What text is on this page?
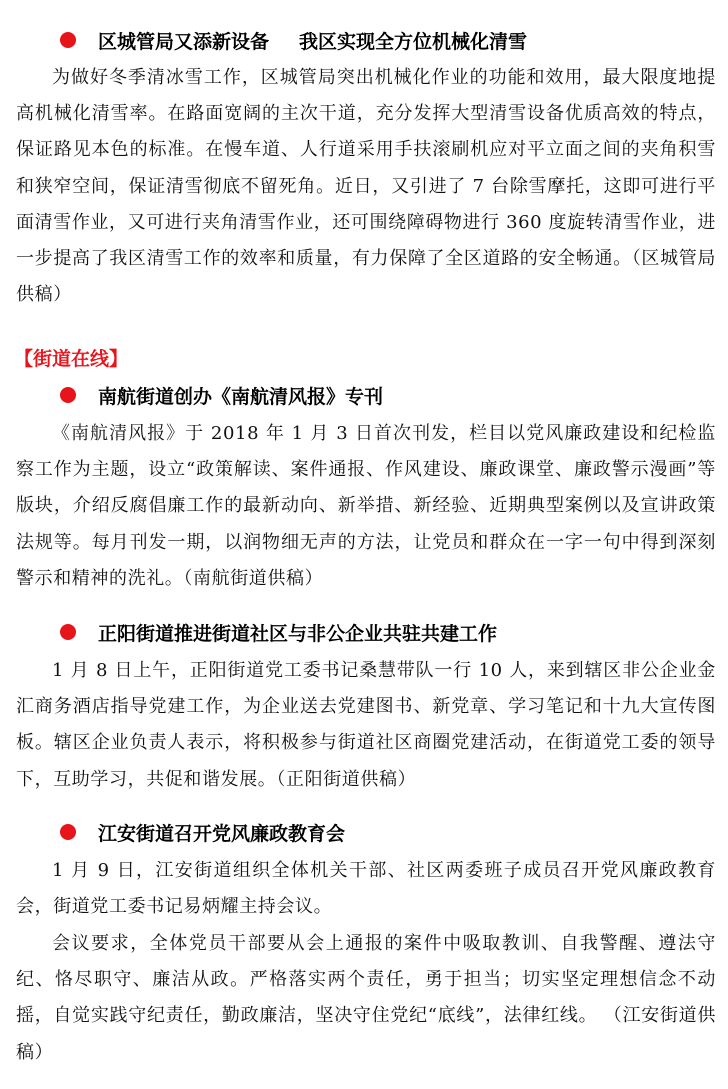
区城管局又添新设备 我区实现全方位机械化清雪

为做好冬季清冰雪工作，区城管局突出机械化作业的功能和效用，最大限度地提高机械化清雪率。在路面宽阔的主次干道，充分发挥大型清雪设备优质高效的特点，保证路见本色的标准。在慢车道、人行道采用手扶滚刷机应对平立面之间的夹角积雪和狭窄空间，保证清雪彻底不留死角。近日，又引进了 7 台除雪摩托，这即可进行平面清雪作业，又可进行夹角清雪作业，还可围绕障碍物进行 360 度旋转清雪作业，进一步提高了我区清雪工作的效率和质量，有力保障了全区道路的安全畅通。（区城管局供稿）

【街道在线】
南航街道创办《南航清风报》专刊

《南航清风报》于 2018 年 1 月 3 日首次刊发，栏目以党风廉政建设和纪检监察工作为主题，设立“政策解读、案件通报、作风建设、廉政课堂、廉政警示漫画”等版块，介绍反腐倡廉工作的最新动向、新举措、新经验、近期典型案例以及宣讲政策法规等。每月刊发一期，以润物细无声的方法，让党员和群众在一字一句中得到深刻警示和精神的洗礼。（南航街道供稿）

正阳街道推进街道社区与非公企业共驻共建工作

1 月 8 日上午，正阳街道党工委书记桑慧带队一行 10 人，来到辖区非公企业金汇商务酒店指导党建工作，为企业送去党建图书、新党章、学习笔记和十九大宣传图板。辖区企业负责人表示，将积极参与街道社区商圈党建活动，在街道党工委的领导下，互助学习，共促和谐发展。（正阳街道供稿）

江安街道召开党风廉政教育会

1 月 9 日，江安街道组织全体机关干部、社区两委班子成员召开党风廉政教育会，街道党工委书记易炳耀主持会议。

会议要求，全体党员干部要从会上通报的案件中吸取教训、自我警醒、遵法守纪、恪尽职守、廉洁从政。严格落实两个责任，勇于担当；切实坚定理想信念不动摇，自觉实践守纪责任，勤政廉洁，坚决守住党纪“底线”，法律红线。 （江安街道供稿）
